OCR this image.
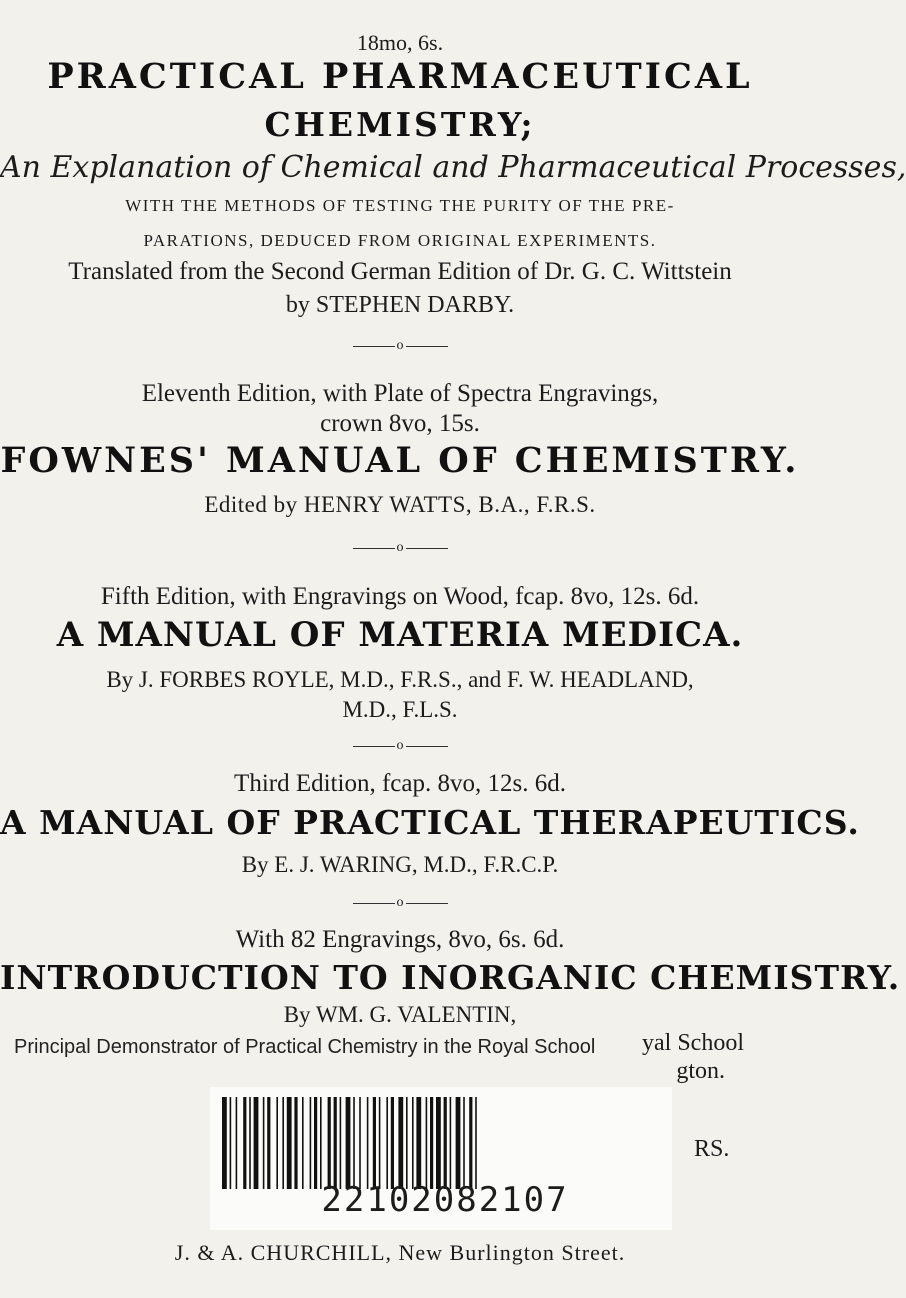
18mo, 6s.
PRACTICAL PHARMACEUTICAL
CHEMISTRY;
An Explanation of Chemical and Pharmaceutical Processes,
WITH THE METHODS OF TESTING THE PURITY OF THE PRE-
PARATIONS, DEDUCED FROM ORIGINAL EXPERIMENTS.
Translated from the Second German Edition of Dr. G. C. Wittstein
by STEPHEN DARBY.
o
Eleventh Edition, with Plate of Spectra Engravings,
crown 8vo, 15s.
FOWNES' MANUAL OF CHEMISTRY.
Edited by HENRY WATTS, B.A., F.R.S.
o
Fifth Edition, with Engravings on Wood, fcap. 8vo, 12s. 6d.
A MANUAL OF MATERIA MEDICA.
By J. FORBES ROYLE, M.D., F.R.S., and F. W. HEADLAND,
M.D., F.L.S.
o
Third Edition, fcap. 8vo, 12s. 6d.
A MANUAL OF PRACTICAL THERAPEUTICS.
By E. J. WARING, M.D., F.R.C.P.
o
With 82 Engravings, 8vo, 6s. 6d.
INTRODUCTION TO INORGANIC CHEMISTRY.
By WM. G. VALENTIN,
Principal Demonstrator of Practical Chemistry in the Royal School yal School
gton.
RS.
22102082107
J. & A. CHURCHILL, New Burlington Street.
